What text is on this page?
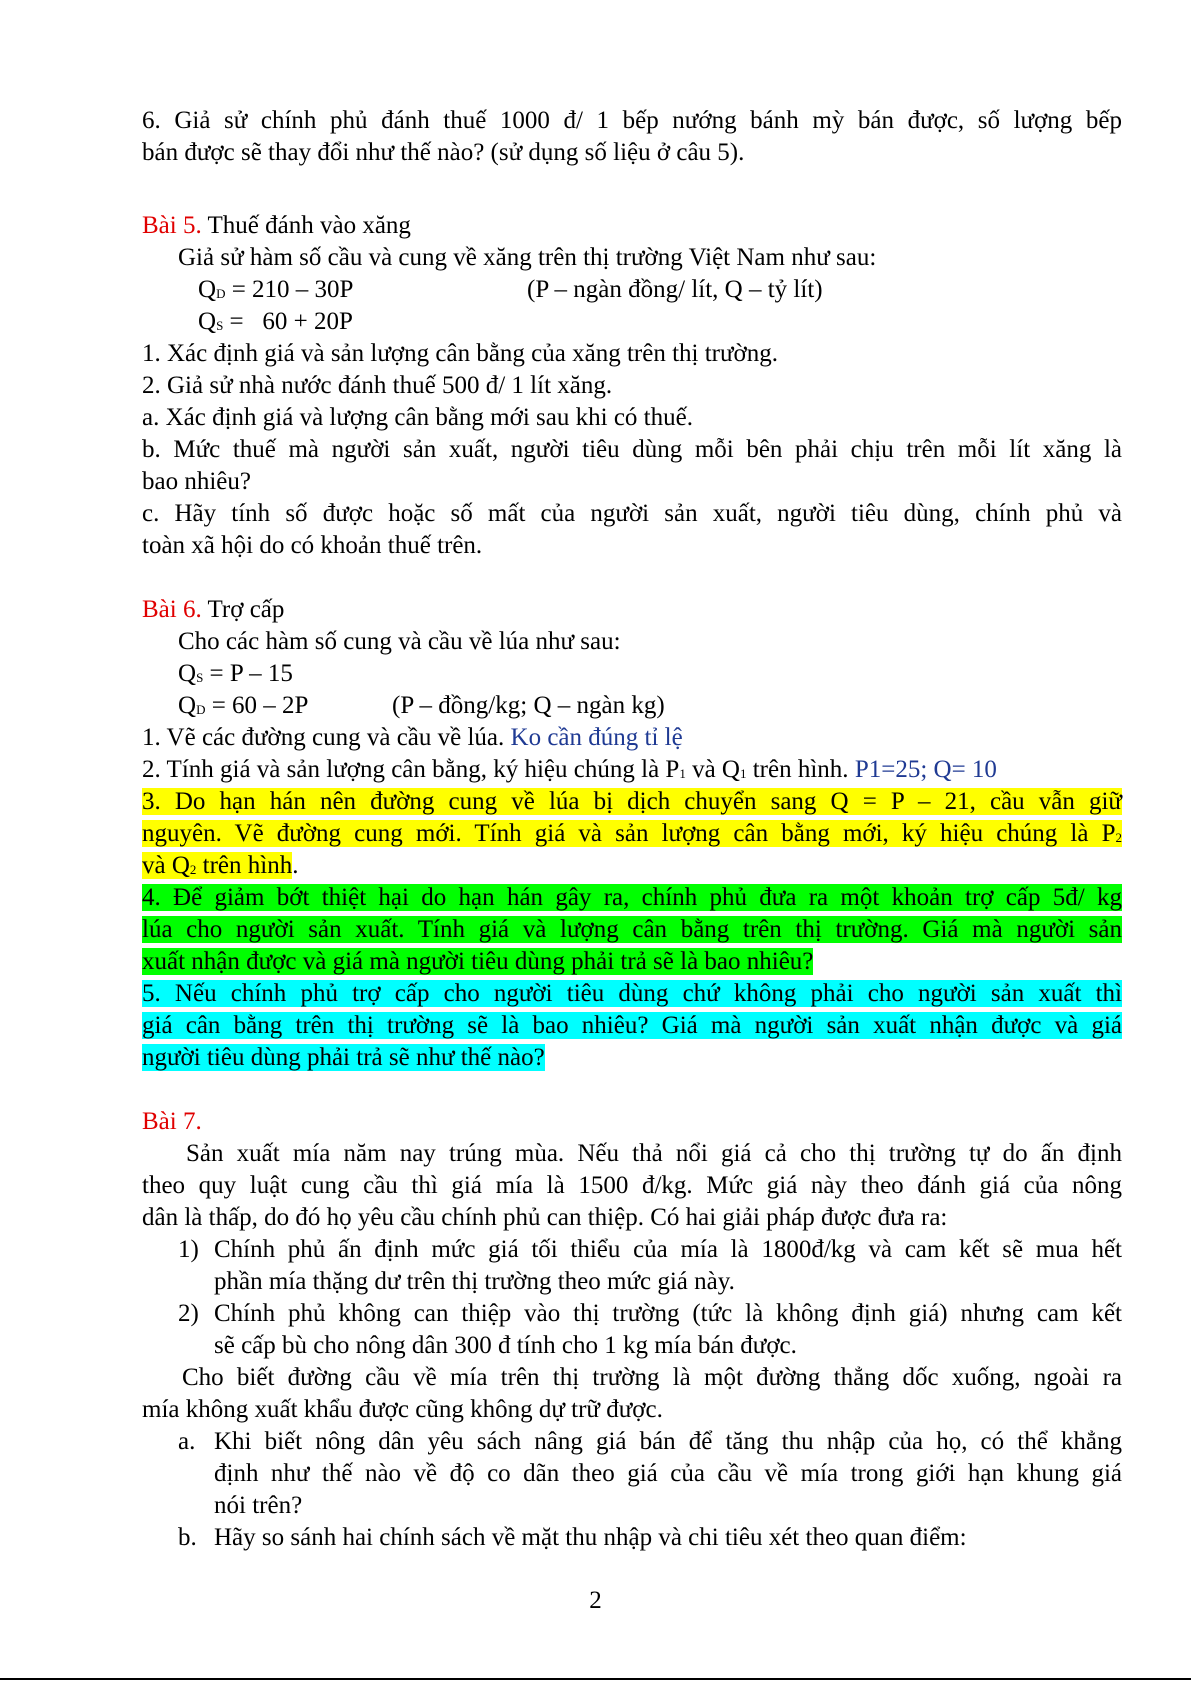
6. Giả sử chính phủ đánh thuế 1000 đ/ 1 bếp nướng bánh mỳ bán được, số lượng bếp
bán được sẽ thay đổi như thế nào? (sử dụng số liệu ở câu 5).
Bài 5. Thuế đánh vào xăng
Giả sử hàm số cầu và cung về xăng trên thị trường Việt Nam như sau:
$Q_D = 210 - 30P$	(P – ngàn đồng/ lít, Q – tỷ lít)
$Q_S = 60 + 20P$
1. Xác định giá và sản lượng cân bằng của xăng trên thị trường.
2. Giả sử nhà nước đánh thuế 500 đ/ 1 lít xăng.
a. Xác định giá và lượng cân bằng mới sau khi có thuế.
b. Mức thuế mà người sản xuất, người tiêu dùng mỗi bên phải chịu trên mỗi lít xăng là
bao nhiêu?
c. Hãy tính số được hoặc số mất của người sản xuất, người tiêu dùng, chính phủ và
toàn xã hội do có khoản thuế trên.
Bài 6. Trợ cấp
Cho các hàm số cung và cầu về lúa như sau:
$Q_S = P - 15$
$Q_D = 60 - 2P$	(P – đồng/kg; Q – ngàn kg)
1. Vẽ các đường cung và cầu về lúa. Ko cần đúng tỉ lệ
2. Tính giá và sản lượng cân bằng, ký hiệu chúng là $P_1$ và $Q_1$ trên hình. P1=25; Q= 10
3. Do hạn hán nên đường cung về lúa bị dịch chuyển sang Q = P – 21, cầu vẫn giữ
nguyên. Vẽ đường cung mới. Tính giá và sản lượng cân bằng mới, ký hiệu chúng là $P_2$
và $Q_2$ trên hình.
4. Để giảm bớt thiệt hại do hạn hán gây ra, chính phủ đưa ra một khoản trợ cấp 5đ/ kg
lúa cho người sản xuất. Tính giá và lượng cân bằng trên thị trường. Giá mà người sản
xuất nhận được và giá mà người tiêu dùng phải trả sẽ là bao nhiêu?
5. Nếu chính phủ trợ cấp cho người tiêu dùng chứ không phải cho người sản xuất thì
giá cân bằng trên thị trường sẽ là bao nhiêu? Giá mà người sản xuất nhận được và giá
người tiêu dùng phải trả sẽ như thế nào?
Bài 7.
Sản xuất mía năm nay trúng mùa. Nếu thả nổi giá cả cho thị trường tự do ấn định
theo quy luật cung cầu thì giá mía là 1500 đ/kg. Mức giá này theo đánh giá của nông
dân là thấp, do đó họ yêu cầu chính phủ can thiệp. Có hai giải pháp được đưa ra:
1) Chính phủ ấn định mức giá tối thiểu của mía là 1800đ/kg và cam kết sẽ mua hết
phần mía thặng dư trên thị trường theo mức giá này.
2) Chính phủ không can thiệp vào thị trường (tức là không định giá) nhưng cam kết
sẽ cấp bù cho nông dân 300 đ tính cho 1 kg mía bán được.
Cho biết đường cầu về mía trên thị trường là một đường thẳng dốc xuống, ngoài ra
mía không xuất khẩu được cũng không dự trữ được.
a. Khi biết nông dân yêu sách nâng giá bán để tăng thu nhập của họ, có thể khẳng
định như thế nào về độ co dãn theo giá của cầu về mía trong giới hạn khung giá
nói trên?
b. Hãy so sánh hai chính sách về mặt thu nhập và chi tiêu xét theo quan điểm:
2
